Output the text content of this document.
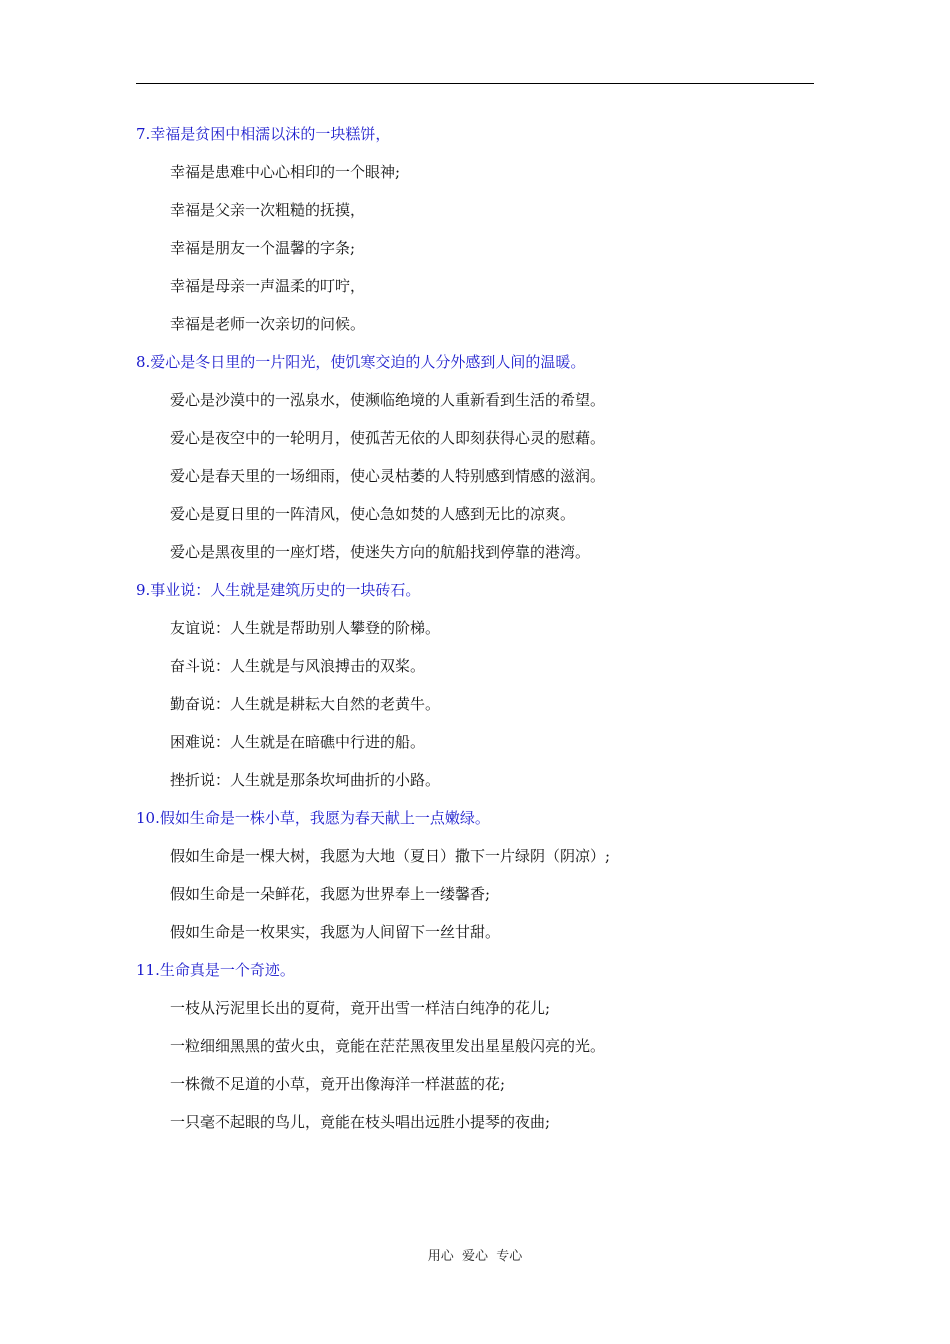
7.幸福是贫困中相濡以沫的一块糕饼，
幸福是患难中心心相印的一个眼神;
幸福是父亲一次粗糙的抚摸，
幸福是朋友一个温馨的字条;
幸福是母亲一声温柔的叮咛，
幸福是老师一次亲切的问候。
8.爱心是冬日里的一片阳光，使饥寒交迫的人分外感到人间的温暖。
爱心是沙漠中的一泓泉水，使濒临绝境的人重新看到生活的希望。
爱心是夜空中的一轮明月，使孤苦无依的人即刻获得心灵的慰藉。
爱心是春天里的一场细雨，使心灵枯萎的人特别感到情感的滋润。
爱心是夏日里的一阵清风，使心急如焚的人感到无比的凉爽。
爱心是黑夜里的一座灯塔，使迷失方向的航船找到停靠的港湾。
9.事业说：人生就是建筑历史的一块砖石。
友谊说：人生就是帮助别人攀登的阶梯。
奋斗说：人生就是与风浪搏击的双桨。
勤奋说：人生就是耕耘大自然的老黄牛。
困难说：人生就是在暗礁中行进的船。
挫折说：人生就是那条坎坷曲折的小路。
10.假如生命是一株小草，我愿为春天献上一点嫩绿。
假如生命是一棵大树，我愿为大地（夏日）撒下一片绿阴（阴凉）;
假如生命是一朵鲜花，我愿为世界奉上一缕馨香;
假如生命是一枚果实，我愿为人间留下一丝甘甜。
11.生命真是一个奇迹。
一枝从污泥里长出的夏荷，竟开出雪一样洁白纯净的花儿;
一粒细细黑黑的萤火虫，竟能在茫茫黑夜里发出星星般闪亮的光。
一株微不足道的小草，竟开出像海洋一样湛蓝的花;
一只毫不起眼的鸟儿，竟能在枝头唱出远胜小提琴的夜曲;
用心  爱心  专心
